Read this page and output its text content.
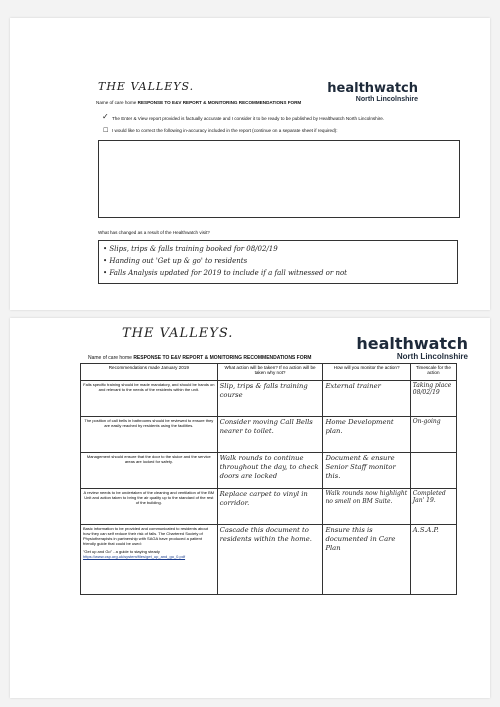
THE VALLEYS.	healthwatch
North Lincolnshire
Name of care home RESPONSE TO E&V REPORT & MONITORING RECOMMENDATIONS FORM
✓ The Enter & View report provided is factually accurate and I consider it to be ready to be published by Healthwatch North Lincolnshire.
☐ I would like to correct the following in-accuracy included in the report (continue on a separate sheet if required):
What has changed as a result of the Healthwatch visit?
• Slips, trips & falls training booked for 08/02/19
• Handing out 'Get up & go' to residents
• Falls Analysis updated for 2019 to include if a fall witnessed or not
THE VALLEYS.
healthwatch
North Lincolnshire
Name of care home RESPONSE TO E&V REPORT & MONITORING RECOMMENDATIONS FORM
Recommendations made January 2019	What action will be taken? If no action will be taken why not?	How will you monitor the action?	Timescale for the action

Falls specific training should be made mandatory, and should be hands on and relevant to the needs of the residents within the unit.	Slip, trips & falls training course	External trainer	Taking place 08/02/19

The position of call bells in bathrooms should be reviewed to ensure they are easily reached by residents using the facilities.	Consider moving Call Bells nearer to toilet.	Home Development plan.	On-going

Management should ensure that the door to the sluice and the service areas are locked for safety.	Walk rounds to continue throughout the day, to check doors are locked	Document & ensure Senior Staff monitor this.	

A review needs to be undertaken of the cleaning and ventilation of the BM Unit and action taken to bring the air quality up to the standard of the rest of the building.	Replace carpet to vinyl in corridor.	Walk rounds now highlight no smell on BM Suite.	Completed Jan' 19.

Basic information to be provided and communicated to residents about how they can self reduce their risk of falls. The Chartered Society of Physiotherapists in partnership with SAGA have produced a patient friendly guide that could be used:
"Get up and Go" - a guide to staying steady
https://www.csp.org.uk/system/files/get_up_and_go_0.pdf	Cascade this document to residents within the home.	Ensure this is documented in Care Plan	A.S.A.P.
